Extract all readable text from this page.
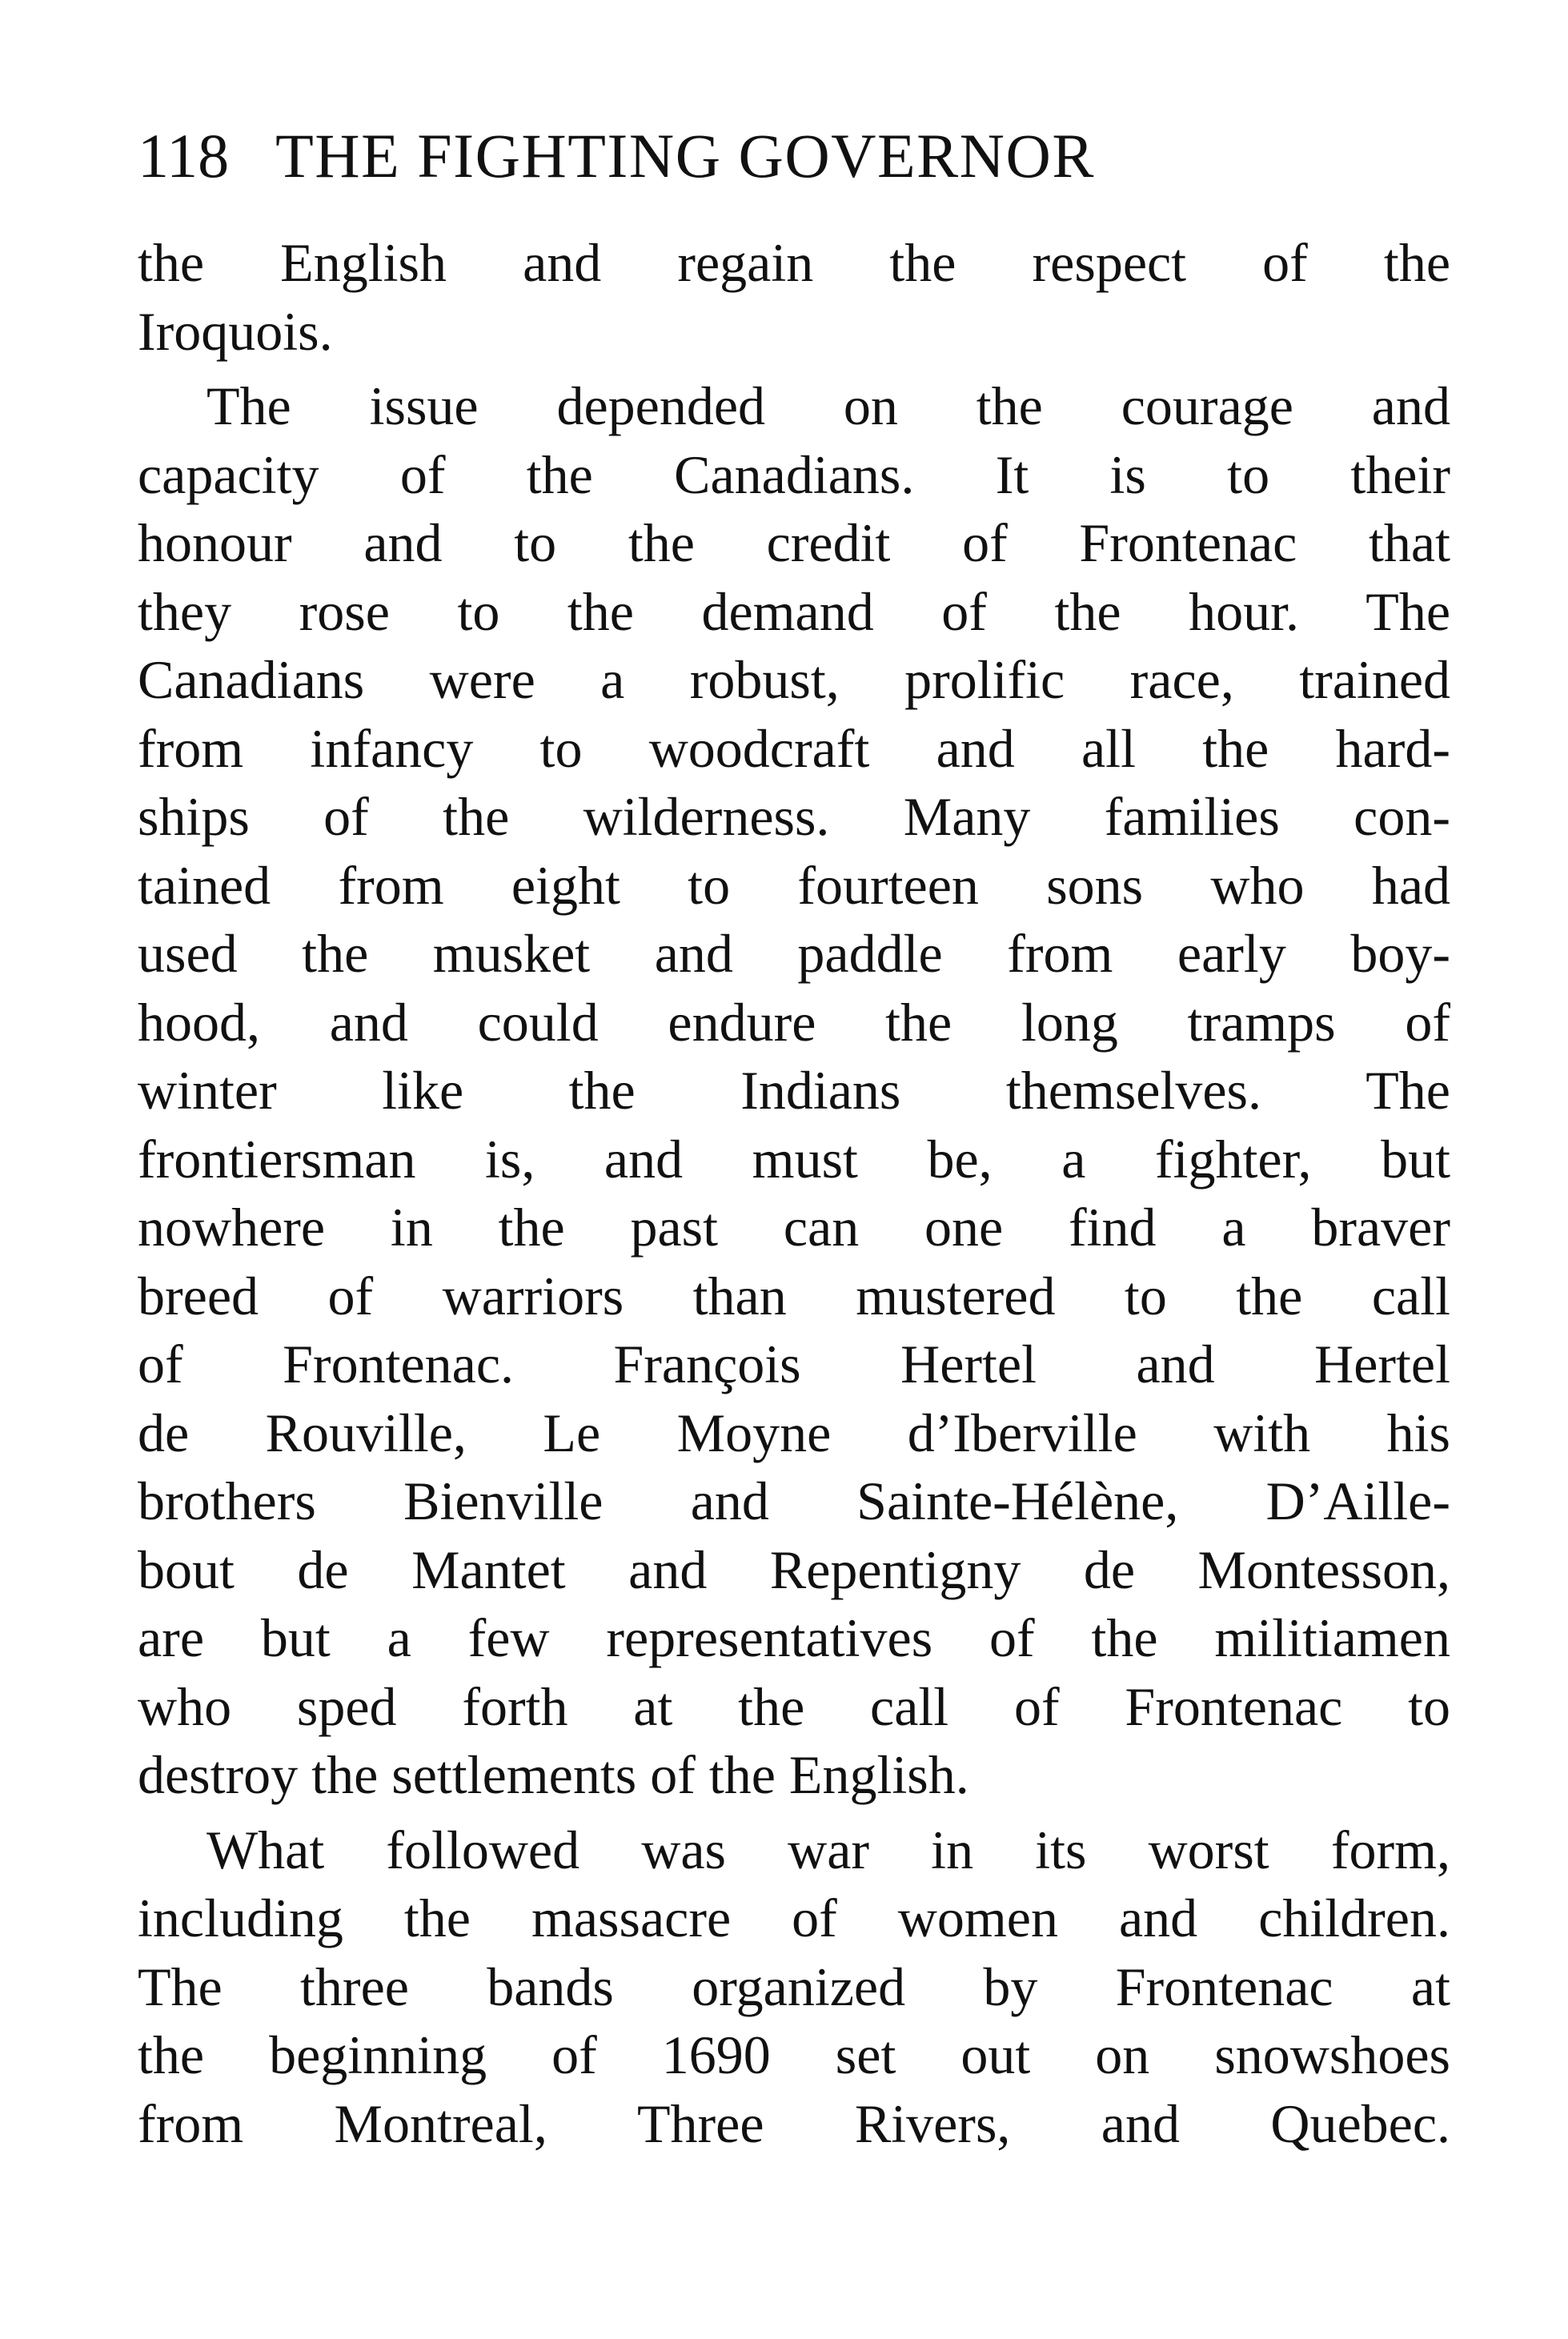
118 THE FIGHTING GOVERNOR
the English and regain the respect of the
Iroquois.
The issue depended on the courage and
capacity of the Canadians. It is to their
honour and to the credit of Frontenac that
they rose to the demand of the hour. The
Canadians were a robust, prolific race, trained
from infancy to woodcraft and all the hard-
ships of the wilderness. Many families con-
tained from eight to fourteen sons who had
used the musket and paddle from early boy-
hood, and could endure the long tramps of
winter like the Indians themselves. The
frontiersman is, and must be, a fighter, but
nowhere in the past can one find a braver
breed of warriors than mustered to the call
of Frontenac. François Hertel and Hertel
de Rouville, Le Moyne d’Iberville with his
brothers Bienville and Sainte-Hélène, D’Aille-
bout de Mantet and Repentigny de Montesson,
are but a few representatives of the militiamen
who sped forth at the call of Frontenac to
destroy the settlements of the English.
What followed was war in its worst form,
including the massacre of women and children.
The three bands organized by Frontenac at
the beginning of 1690 set out on snowshoes
from Montreal, Three Rivers, and Quebec.
